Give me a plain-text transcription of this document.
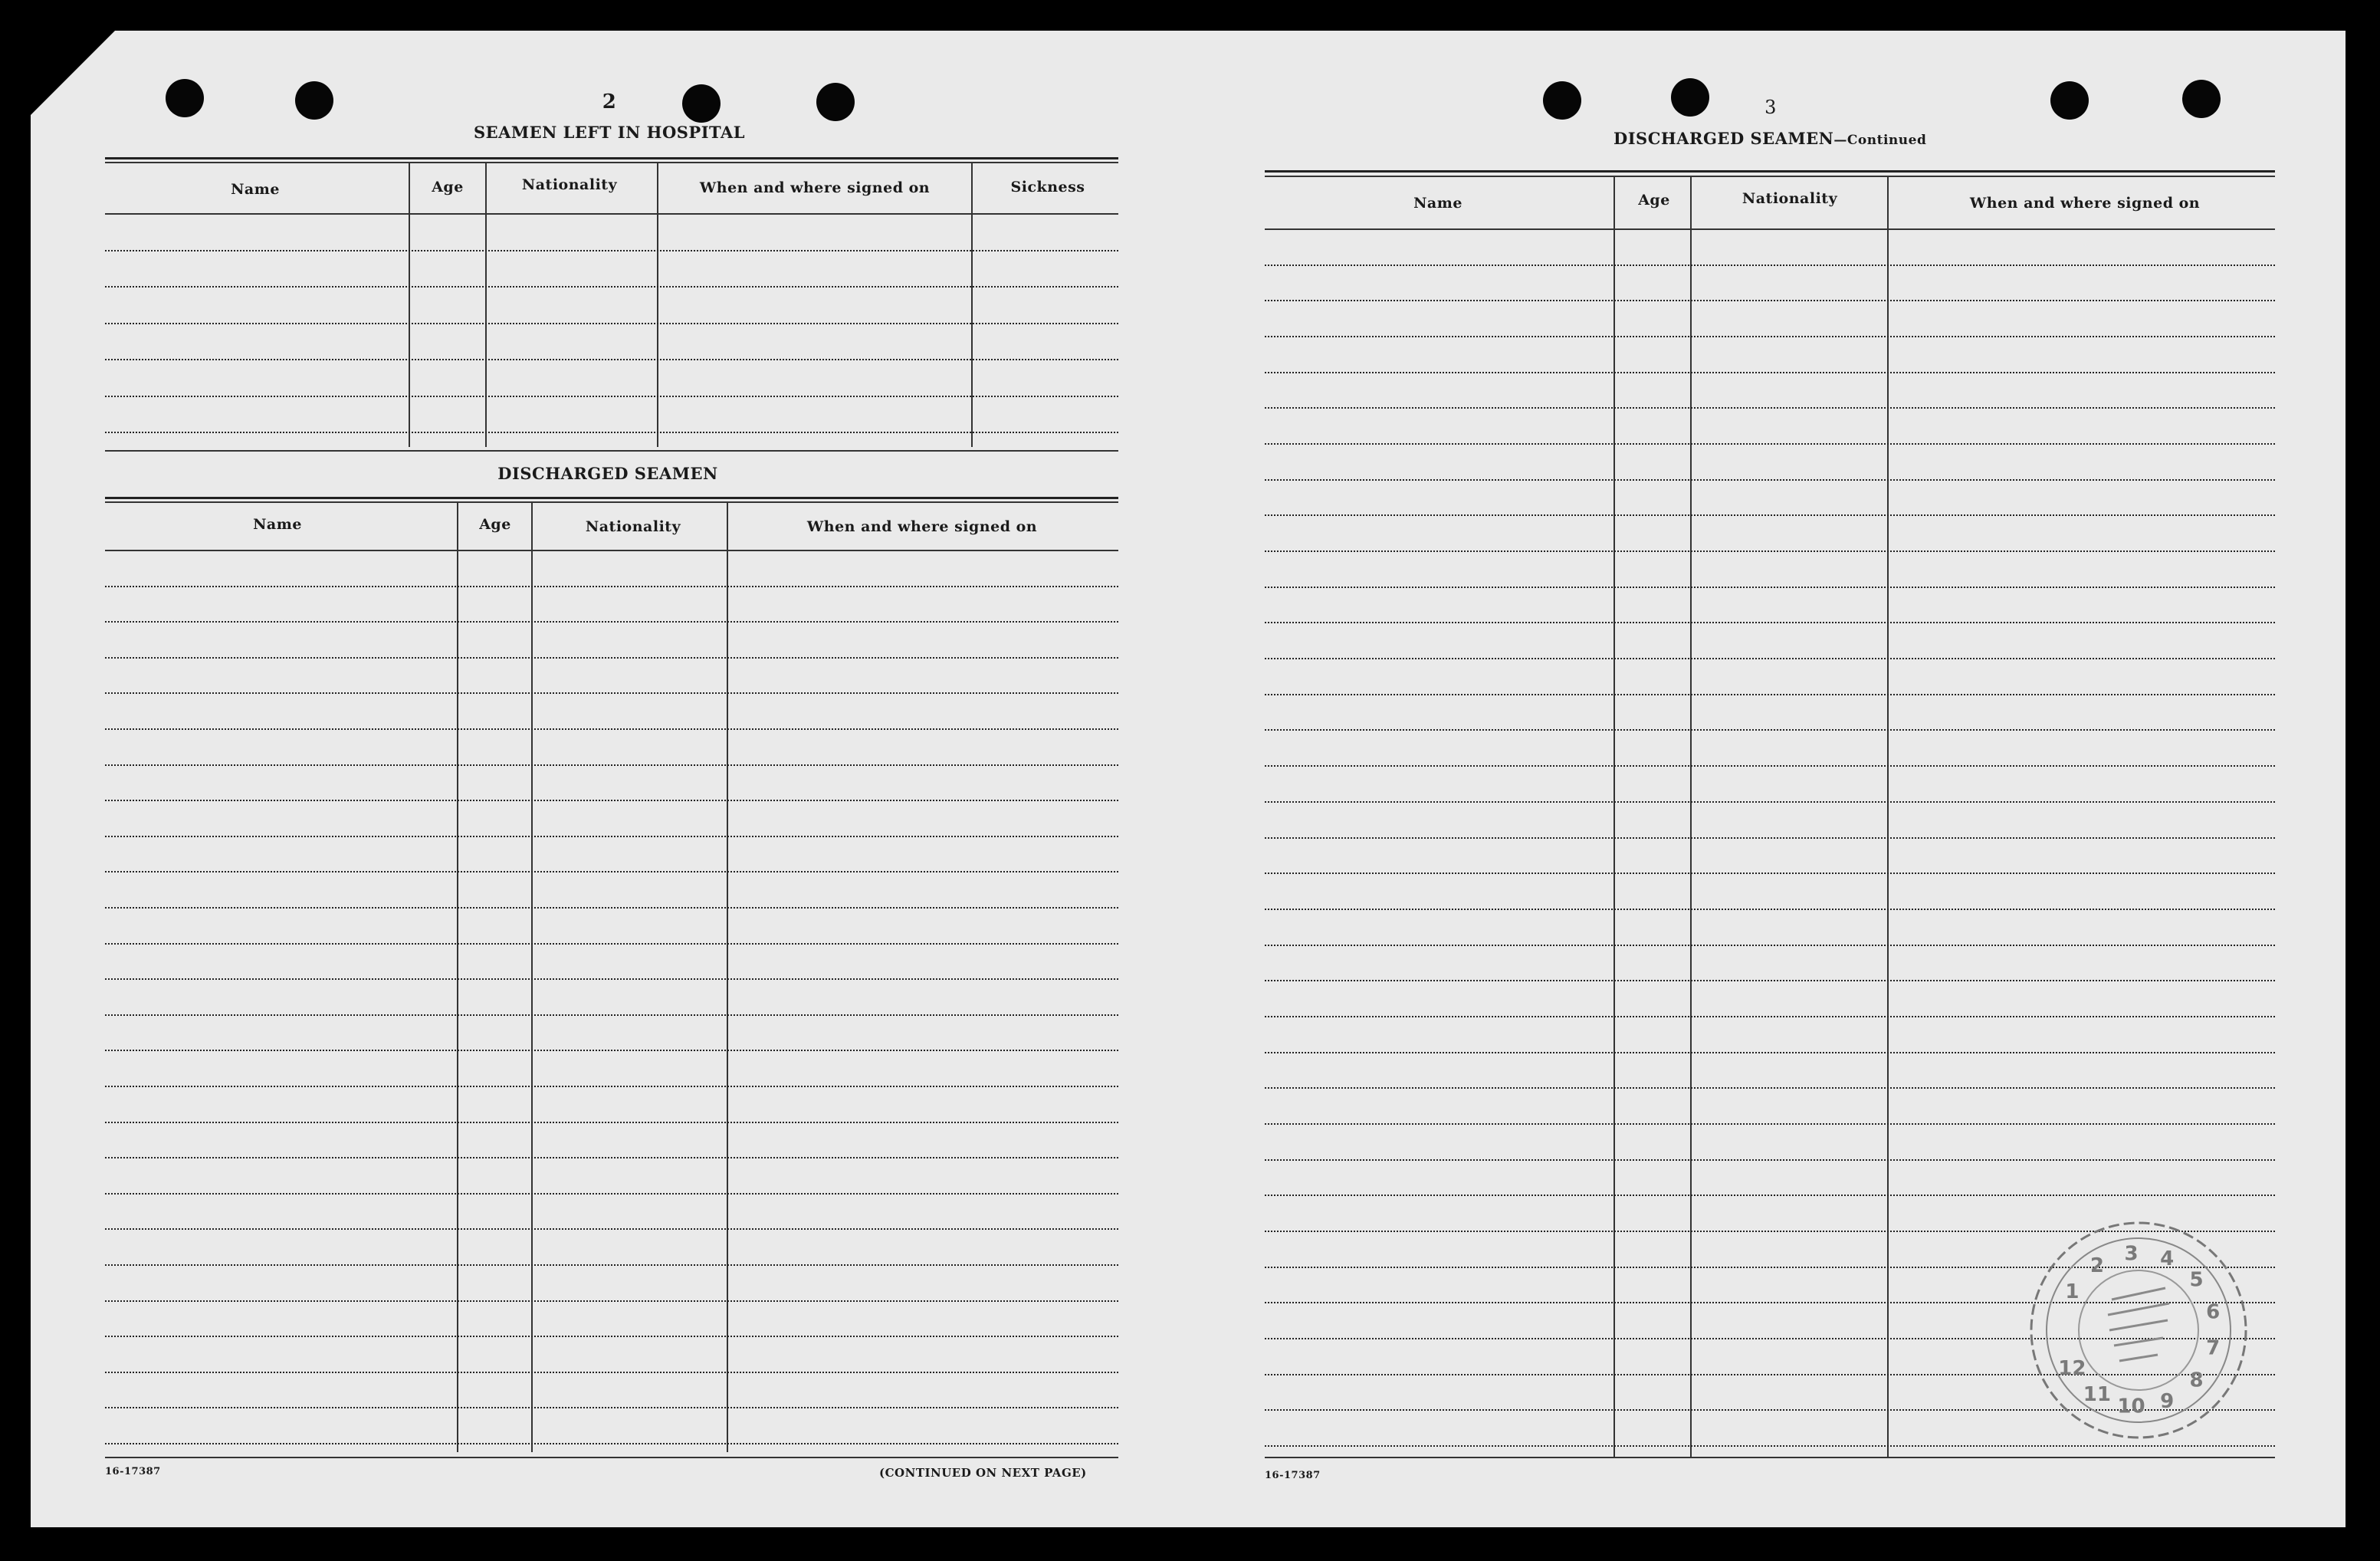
2
SEAMEN LEFT IN HOSPITAL
Name	Age	Nationality	When and where signed on	Sickness
DISCHARGED SEAMEN
Name	Age	Nationality	When and where signed on
16-17387	(CONTINUED ON NEXT PAGE)
3
DISCHARGED SEAMEN—Continued
Name	Age	Nationality	When and where signed on
16-17387
1
2
3 4
5
6
7
8
9
10
11
12
